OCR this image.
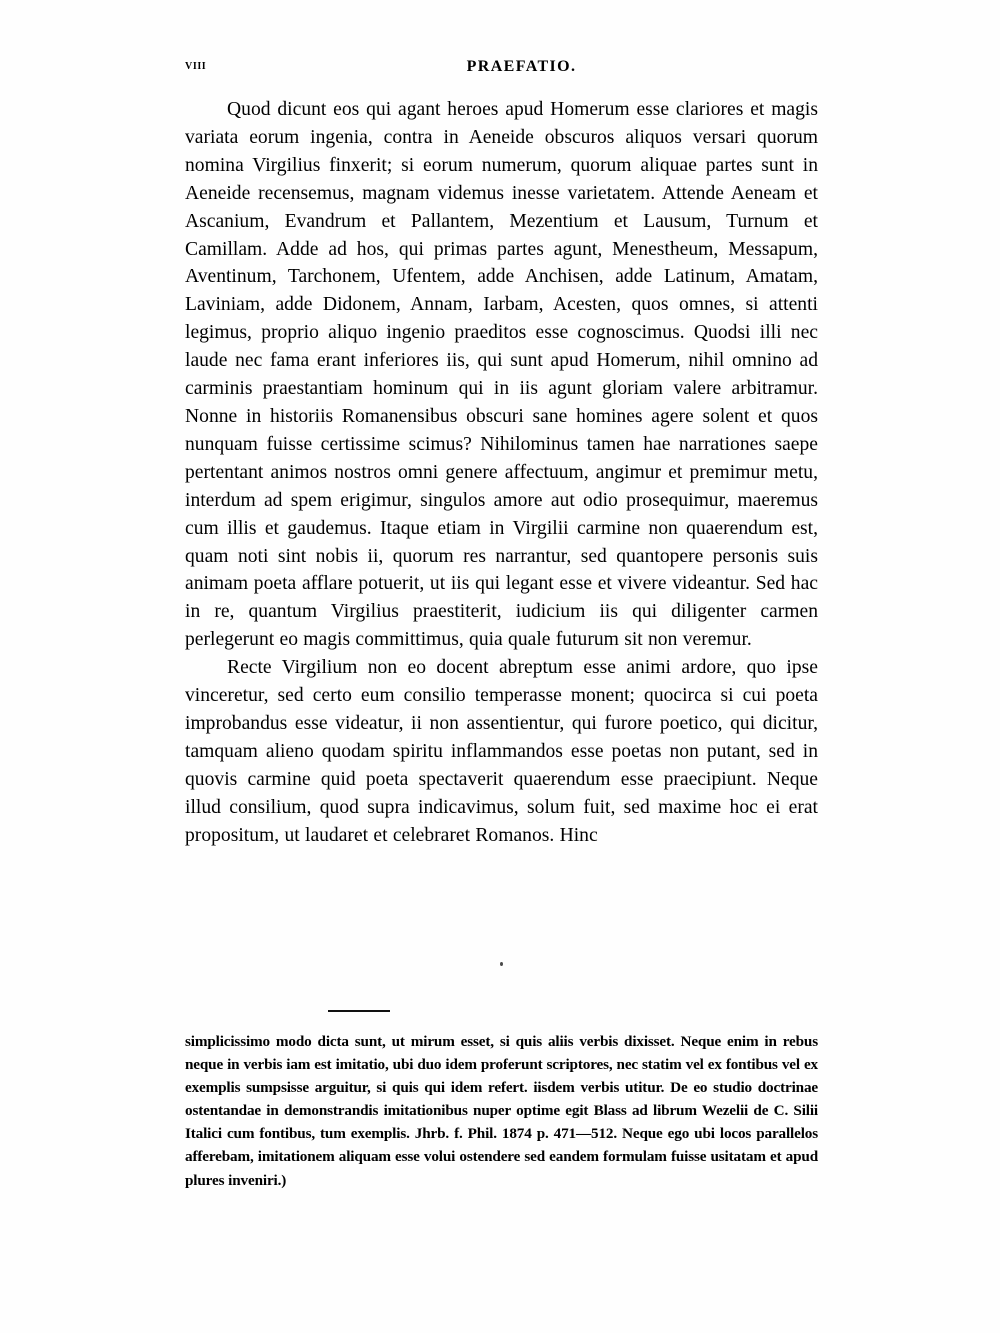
viii	PRAEFATIO.

Quod dicunt eos qui agant heroes apud Homerum esse clariores et magis variata eorum ingenia, contra in Aeneide obscuros aliquos versari quorum nomina Virgilius finxerit; si eorum numerum, quorum aliquae partes sunt in Aeneide recensemus, magnam videmus inesse varietatem. Attende Aeneam et Ascanium, Evandrum et Pallantem, Mezentium et Lausum, Turnum et Camillam. Adde ad hos, qui primas partes agunt, Menestheum, Messapum, Aventinum, Tarchonem, Ufentem, adde Anchisen, adde Latinum, Amatam, Laviniam, adde Didonem, Annam, Iarbam, Acesten, quos omnes, si attenti legimus, proprio aliquo ingenio praeditos esse cognoscimus. Quodsi illi nec laude nec fama erant inferiores iis, qui sunt apud Homerum, nihil omnino ad carminis praestantiam hominum qui in iis agunt gloriam valere arbitramur. Nonne in historiis Romanensibus obscuri sane homines agere solent et quos nunquam fuisse certissime scimus? Nihilominus tamen hae narrationes saepe pertentant animos nostros omni genere affectuum, angimur et premimur metu, interdum ad spem erigimur, singulos amore aut odio prosequimur, maeremus cum illis et gaudemus. Itaque etiam in Virgilii carmine non quaerendum est, quam noti sint nobis ii, quorum res narrantur, sed quantopere personis suis animam poeta afflare potuerit, ut iis qui legant esse et vivere videantur. Sed hac in re, quantum Virgilius praestiterit, iudicium iis qui diligenter carmen perlegerunt eo magis committimus, quia quale futurum sit non veremur.

Recte Virgilium non eo docent abreptum esse animi ardore, quo ipse vinceretur, sed certo eum consilio temperasse monent; quocirca si cui poeta improbandus esse videatur, ii non assentientur, qui furore poetico, qui dicitur, tamquam alieno quodam spiritu inflammandos esse poetas non putant, sed in quovis carmine quid poeta spectaverit quaerendum esse praecipiunt. Neque illud consilium, quod supra indicavimus, solum fuit, sed maxime hoc ei erat propositum, ut laudaret et celebraret Romanos. Hinc

simplicissimo modo dicta sunt, ut mirum esset, si quis aliis verbis dixisset. Neque enim in rebus neque in verbis iam est imitatio, ubi duo idem proferunt scriptores, nec statim vel ex fontibus vel ex exemplis sumpsisse arguitur, si quis qui idem refert. iisdem verbis utitur. De eo studio doctrinae ostentandae in demonstrandis imitationibus nuper optime egit Blass ad librum Wezelii de C. Silii Italici cum fontibus, tum exemplis. Jhrb. f. Phil. 1874 p. 471—512. Neque ego ubi locos parallelos afferebam, imitationem aliquam esse volui ostendere sed eandem formulam fuisse usitatam et apud plures inveniri.)
